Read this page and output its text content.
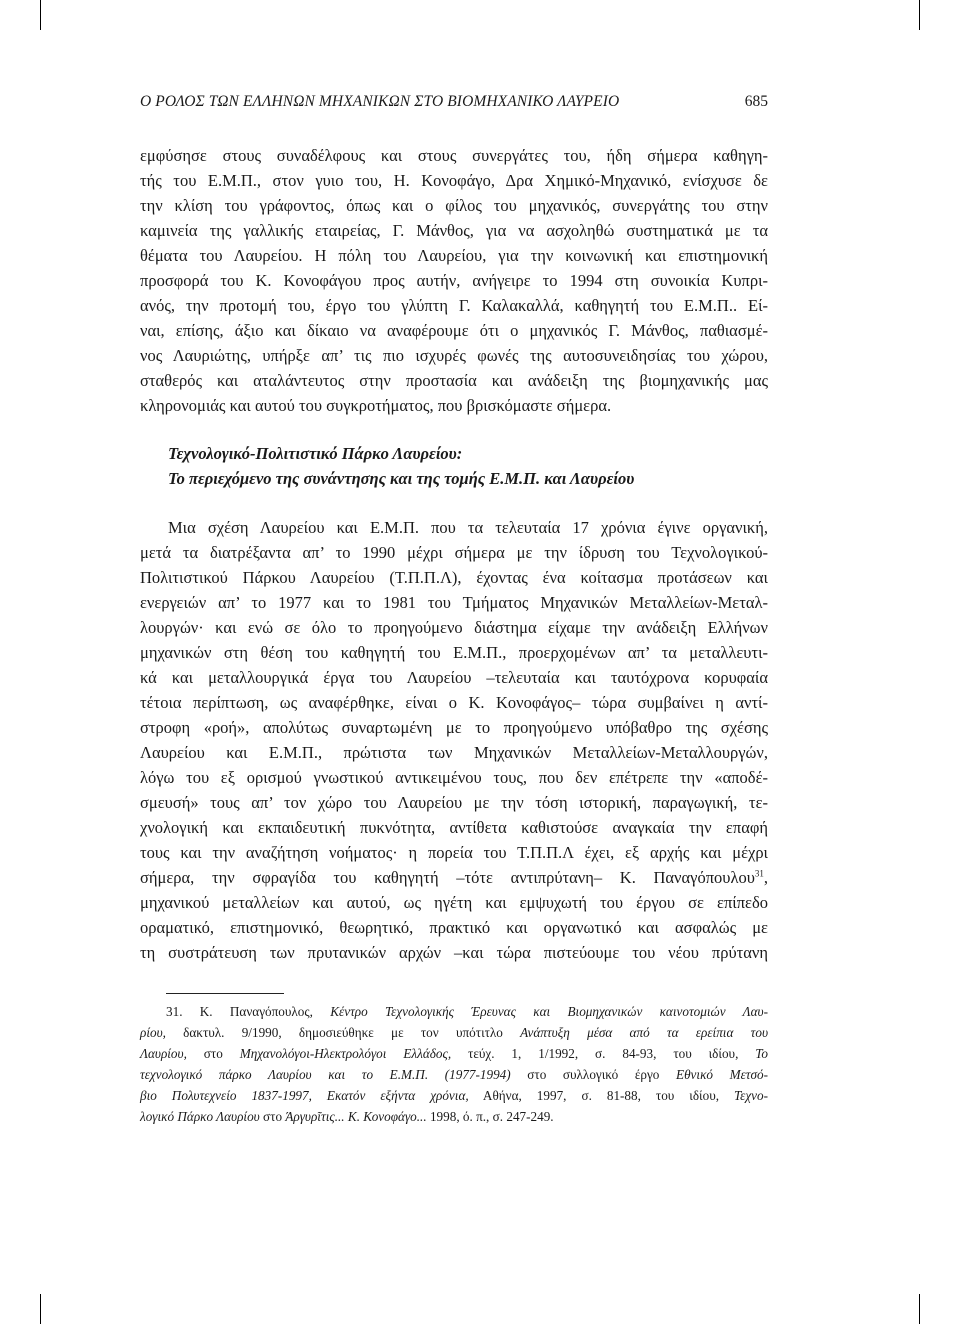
Ο ΡΟΛΟΣ ΤΩΝ ΕΛΛΗΝΩΝ ΜΗΧΑΝΙΚΩΝ ΣΤΟ ΒΙΟΜΗΧΑΝΙΚΟ ΛΑΥΡΕΙΟ	685
εμφύσησε στους συναδέλφους και στους συνεργάτες του, ήδη σήμερα καθηγη-
τής του Ε.Μ.Π., στον γυιο του, Η. Κονοφάγο, Δρα Χημικό-Μηχανικό, ενίσχυσε δε
την κλίση του γράφοντος, όπως και ο φίλος του μηχανικός, συνεργάτης του στην
καμινεία της γαλλικής εταιρείας, Γ. Μάνθος, για να ασχοληθώ συστηματικά με τα
θέματα του Λαυρείου. Η πόλη του Λαυρείου, για την κοινωνική και επιστημονική
προσφορά του Κ. Κονοφάγου προς αυτήν, ανήγειρε το 1994 στη συνοικία Κυπρι-
ανός, την προτομή του, έργο του γλύπτη Γ. Καλακαλλά, καθηγητή του Ε.Μ.Π.. Εί-
ναι, επίσης, άξιο και δίκαιο να αναφέρουμε ότι ο μηχανικός Γ. Μάνθος, παθιασμέ-
νος Λαυριώτης, υπήρξε απ’ τις πιο ισχυρές φωνές της αυτοσυνειδησίας του χώρου,
σταθερός και αταλάντευτος στην προστασία και ανάδειξη της βιομηχανικής μας
κληρονομιάς και αυτού του συγκροτήματος, που βρισκόμαστε σήμερα.
Τεχνολογικό-Πολιτιστικό Πάρκο Λαυρείου:
Το περιεχόμενο της συνάντησης και της τομής Ε.Μ.Π. και Λαυρείου
Μια σχέση Λαυρείου και Ε.Μ.Π. που τα τελευταία 17 χρόνια έγινε οργανική,
μετά τα διατρέξαντα απ’ το 1990 μέχρι σήμερα με την ίδρυση του Τεχνολογικού-
Πολιτιστικού Πάρκου Λαυρείου (Τ.Π.Π.Λ), έχοντας ένα κοίτασμα προτάσεων και
ενεργειών απ’ το 1977 και το 1981 του Τμήματος Μηχανικών Μεταλλείων-Μεταλ-
λουργών· και ενώ σε όλο το προηγούμενο διάστημα είχαμε την ανάδειξη Ελλήνων
μηχανικών στη θέση του καθηγητή του Ε.Μ.Π., προερχομένων απ’ τα μεταλλευτι-
κά και μεταλλουργικά έργα του Λαυρείου –τελευταία και ταυτόχρονα κορυφαία
τέτοια περίπτωση, ως αναφέρθηκε, είναι ο Κ. Κονοφάγος– τώρα συμβαίνει η αντί-
στροφη «ροή», απολύτως συναρτωμένη με το προηγούμενο υπόβαθρο της σχέσης
Λαυρείου και Ε.Μ.Π., πρώτιστα των Μηχανικών Μεταλλείων-Μεταλλουργών,
λόγω του εξ ορισμού γνωστικού αντικειμένου τους, που δεν επέτρεπε την «αποδέ-
σμευσή» τους απ’ τον χώρο του Λαυρείου με την τόση ιστορική, παραγωγική, τε-
χνολογική και εκπαιδευτική πυκνότητα, αντίθετα καθιστούσε αναγκαία την επαφή
τους και την αναζήτηση νοήματος· η πορεία του Τ.Π.Π.Λ έχει, εξ αρχής και μέχρι
σήμερα, την σφραγίδα του καθηγητή –τότε αντιπρύτανη– Κ. Παναγόπουλου$^{31}$,
μηχανικού μεταλλείων και αυτού, ως ηγέτη και εμψυχωτή του έργου σε επίπεδο
οραματικό, επιστημονικό, θεωρητικό, πρακτικό και οργανωτικό και ασφαλώς με
τη συστράτευση των πρυτανικών αρχών –και τώρα πιστεύουμε του νέου πρύτανη
31. Κ. Παναγόπουλος, Κέντρο Τεχνολογικής Έρευνας και Βιομηχανικών καινοτομιών Λαυ-
ρίου, δακτυλ. 9/1990, δημοσιεύθηκε με τον υπότιτλο Ανάπτυξη μέσα από τα ερείπια του
Λαυρίου, στο Μηχανολόγοι-Ηλεκτρολόγοι Ελλάδος, τεύχ. 1, 1/1992, σ. 84-93, του ιδίου, Το
τεχνολογικό πάρκο Λαυρίου και το Ε.Μ.Π. (1977-1994) στο συλλογικό έργο Εθνικό Μετσό-
βιο Πολυτεχνείο 1837-1997, Εκατόν εξήντα χρόνια, Αθήνα, 1997, σ. 81-88, του ιδίου, Τεχνο-
λογικό Πάρκο Λαυρίου στο Άργυρῖτις... Κ. Κονοφάγο... 1998, ό. π., σ. 247-249.
